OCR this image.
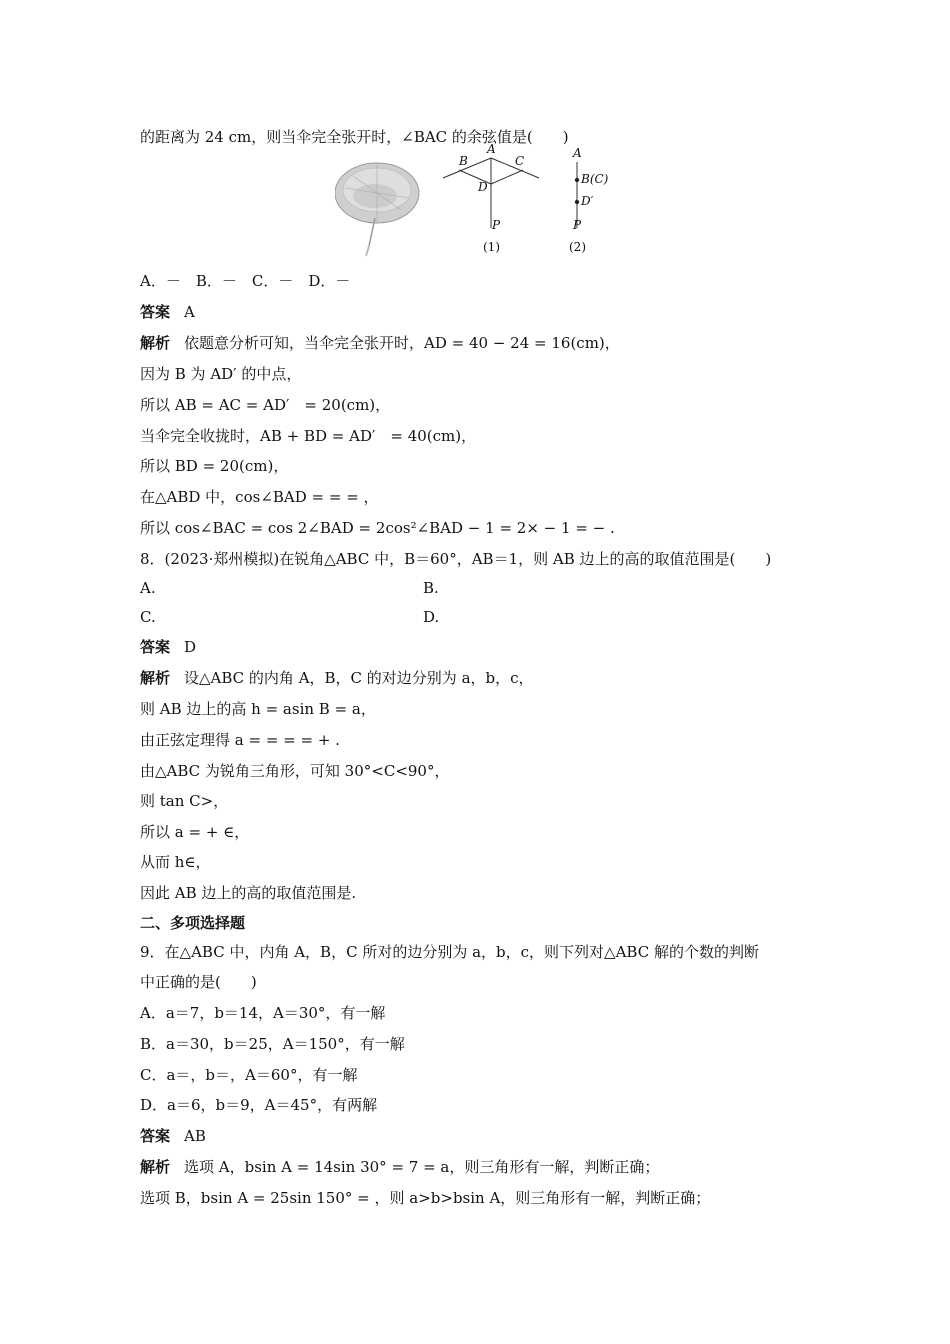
的距离为 24 cm，则当伞完全张开时，∠BAC 的余弦值是(　　)
A
B	C
D
P
(1)
A
B(C)
D′
P
(2)
A．－　B．－　C．－　D．－
答案 A
解析 依题意分析可知，当伞完全张开时，AD = 40 − 24 = 16(cm)，
因为 B 为 AD′ 的中点，
所以 AB = AC = AD′　= 20(cm)，
当伞完全收拢时，AB + BD = AD′　= 40(cm)，
所以 BD = 20(cm)，
在△ABD 中，cos∠BAD = = = ，
所以 cos∠BAC = cos 2∠BAD = 2cos²∠BAD − 1 = 2× − 1 = − .
8．(2023·郑州模拟)在锐角△ABC 中，B＝60°，AB＝1，则 AB 边上的高的取值范围是(　　)
A.	B.
C.	D.
答案 D
解析 设△ABC 的内角 A，B，C 的对边分别为 a，b，c，
则 AB 边上的高 h = asin B = a，
由正弦定理得 a = = = = + .
由△ABC 为锐角三角形，可知 30°<C<90°，
则 tan C>，
所以 a = + ∈，
从而 h∈，
因此 AB 边上的高的取值范围是.
二、多项选择题
9．在△ABC 中，内角 A，B，C 所对的边分别为 a，b，c，则下列对△ABC 解的个数的判断
中正确的是(　　)
A．a＝7，b＝14，A＝30°，有一解
B．a＝30，b＝25，A＝150°，有一解
C．a＝，b＝，A＝60°，有一解
D．a＝6，b＝9，A＝45°，有两解
答案 AB
解析 选项 A，bsin A = 14sin 30° = 7 = a，则三角形有一解，判断正确；
选项 B，bsin A = 25sin 150° = ，则 a>b>bsin A，则三角形有一解，判断正确；
